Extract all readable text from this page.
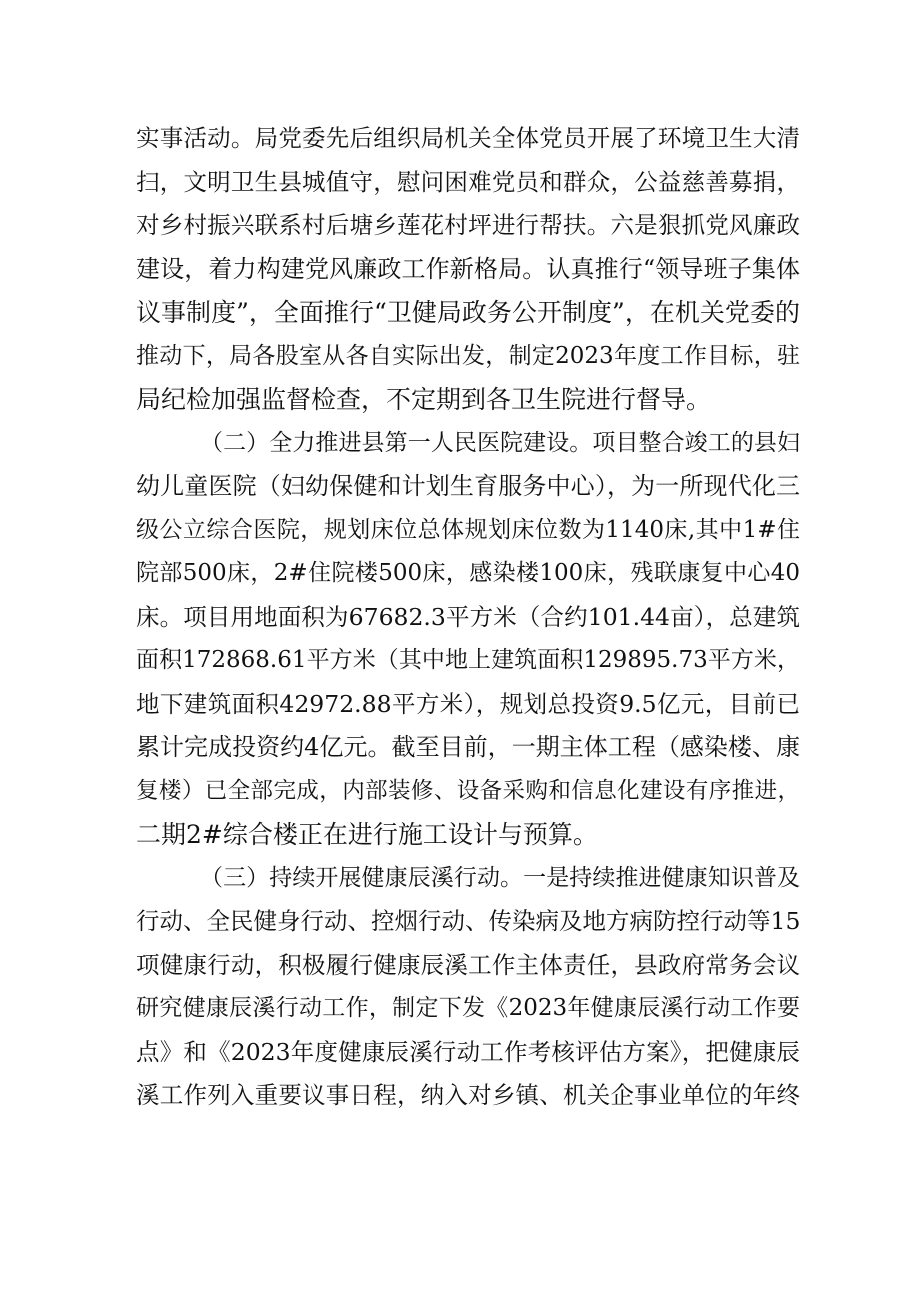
实事活动。局党委先后组织局机关全体党员开展了环境卫生大清
扫，文明卫生县城值守，慰问困难党员和群众，公益慈善募捐，
对乡村振兴联系村后塘乡莲花村坪进行帮扶。六是狠抓党风廉政
建设，着力构建党风廉政工作新格局。认真推行“领导班子集体
议事制度”，全面推行“卫健局政务公开制度”，在机关党委的
推动下，局各股室从各自实际出发，制定2023年度工作目标，驻
局纪检加强监督检查，不定期到各卫生院进行督导。
（二）全力推进县第一人民医院建设。项目整合竣工的县妇
幼儿童医院（妇幼保健和计划生育服务中心），为一所现代化三
级公立综合医院，规划床位总体规划床位数为1140床,其中1#住
院部500床，2#住院楼500床，感染楼100床，残联康复中心40
床。项目用地面积为67682.3平方米（合约101.44亩），总建筑
面积172868.61平方米（其中地上建筑面积129895.73平方米，
地下建筑面积42972.88平方米），规划总投资9.5亿元，目前已
累计完成投资约4亿元。截至目前，一期主体工程（感染楼、康
复楼）已全部完成，内部装修、设备采购和信息化建设有序推进，
二期2#综合楼正在进行施工设计与预算。
（三）持续开展健康辰溪行动。一是持续推进健康知识普及
行动、全民健身行动、控烟行动、传染病及地方病防控行动等15
项健康行动，积极履行健康辰溪工作主体责任，县政府常务会议
研究健康辰溪行动工作，制定下发《2023年健康辰溪行动工作要
点》和《2023年度健康辰溪行动工作考核评估方案》，把健康辰
溪工作列入重要议事日程，纳入对乡镇、机关企事业单位的年终
